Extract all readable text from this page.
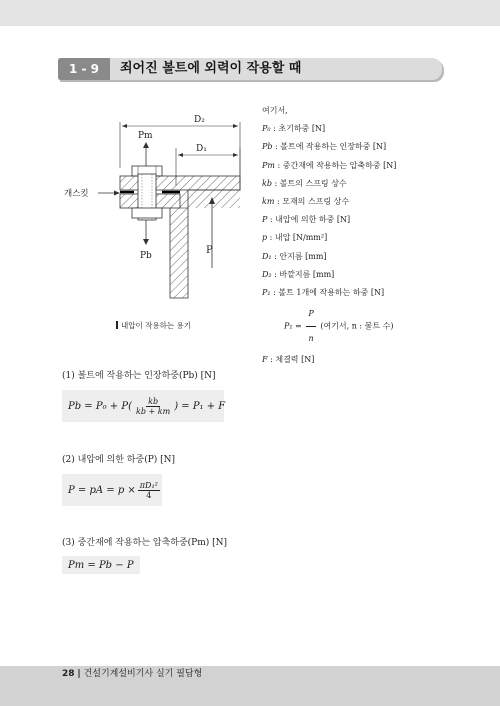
1 - 9	죄어진 볼트에 외력이 작용할 때
D₂
D₁
Pm
개스킷
P
Pb
내압이 작용하는 용기
여기서,
P₀ : 초기하중 [N]
Pb : 볼트에 작용하는 인장하중 [N]
Pm : 중간재에 작용하는 압축하중 [N]
kb : 볼트의 스프링 상수
km : 모재의 스프링 상수
P : 내압에 의한 하중 [N]
p : 내압 [N/mm²]
D₁ : 안지름 [mm]
D₂ : 바깥지름 [mm]
P₁ : 볼트 1개에 작용하는 하중 [N]
$P_1 = \frac{P}{n}$ (여기서, n : 볼트 수)
F : 체결력 [N]
(1) 볼트에 작용하는 인장하중(Pb) [N]
$Pb = P_0 + P( \frac{kb}{kb + km}$ ) = P₁ + F
(2) 내압에 의한 하중(P) [N]
P = pA = $p \times \frac{\text{πD₁²}}{4}$
(3) 중간재에 작용하는 압축하중(Pm) [N]
Pm = Pb − P
28 | 건설기계설비기사 실기 필답형
